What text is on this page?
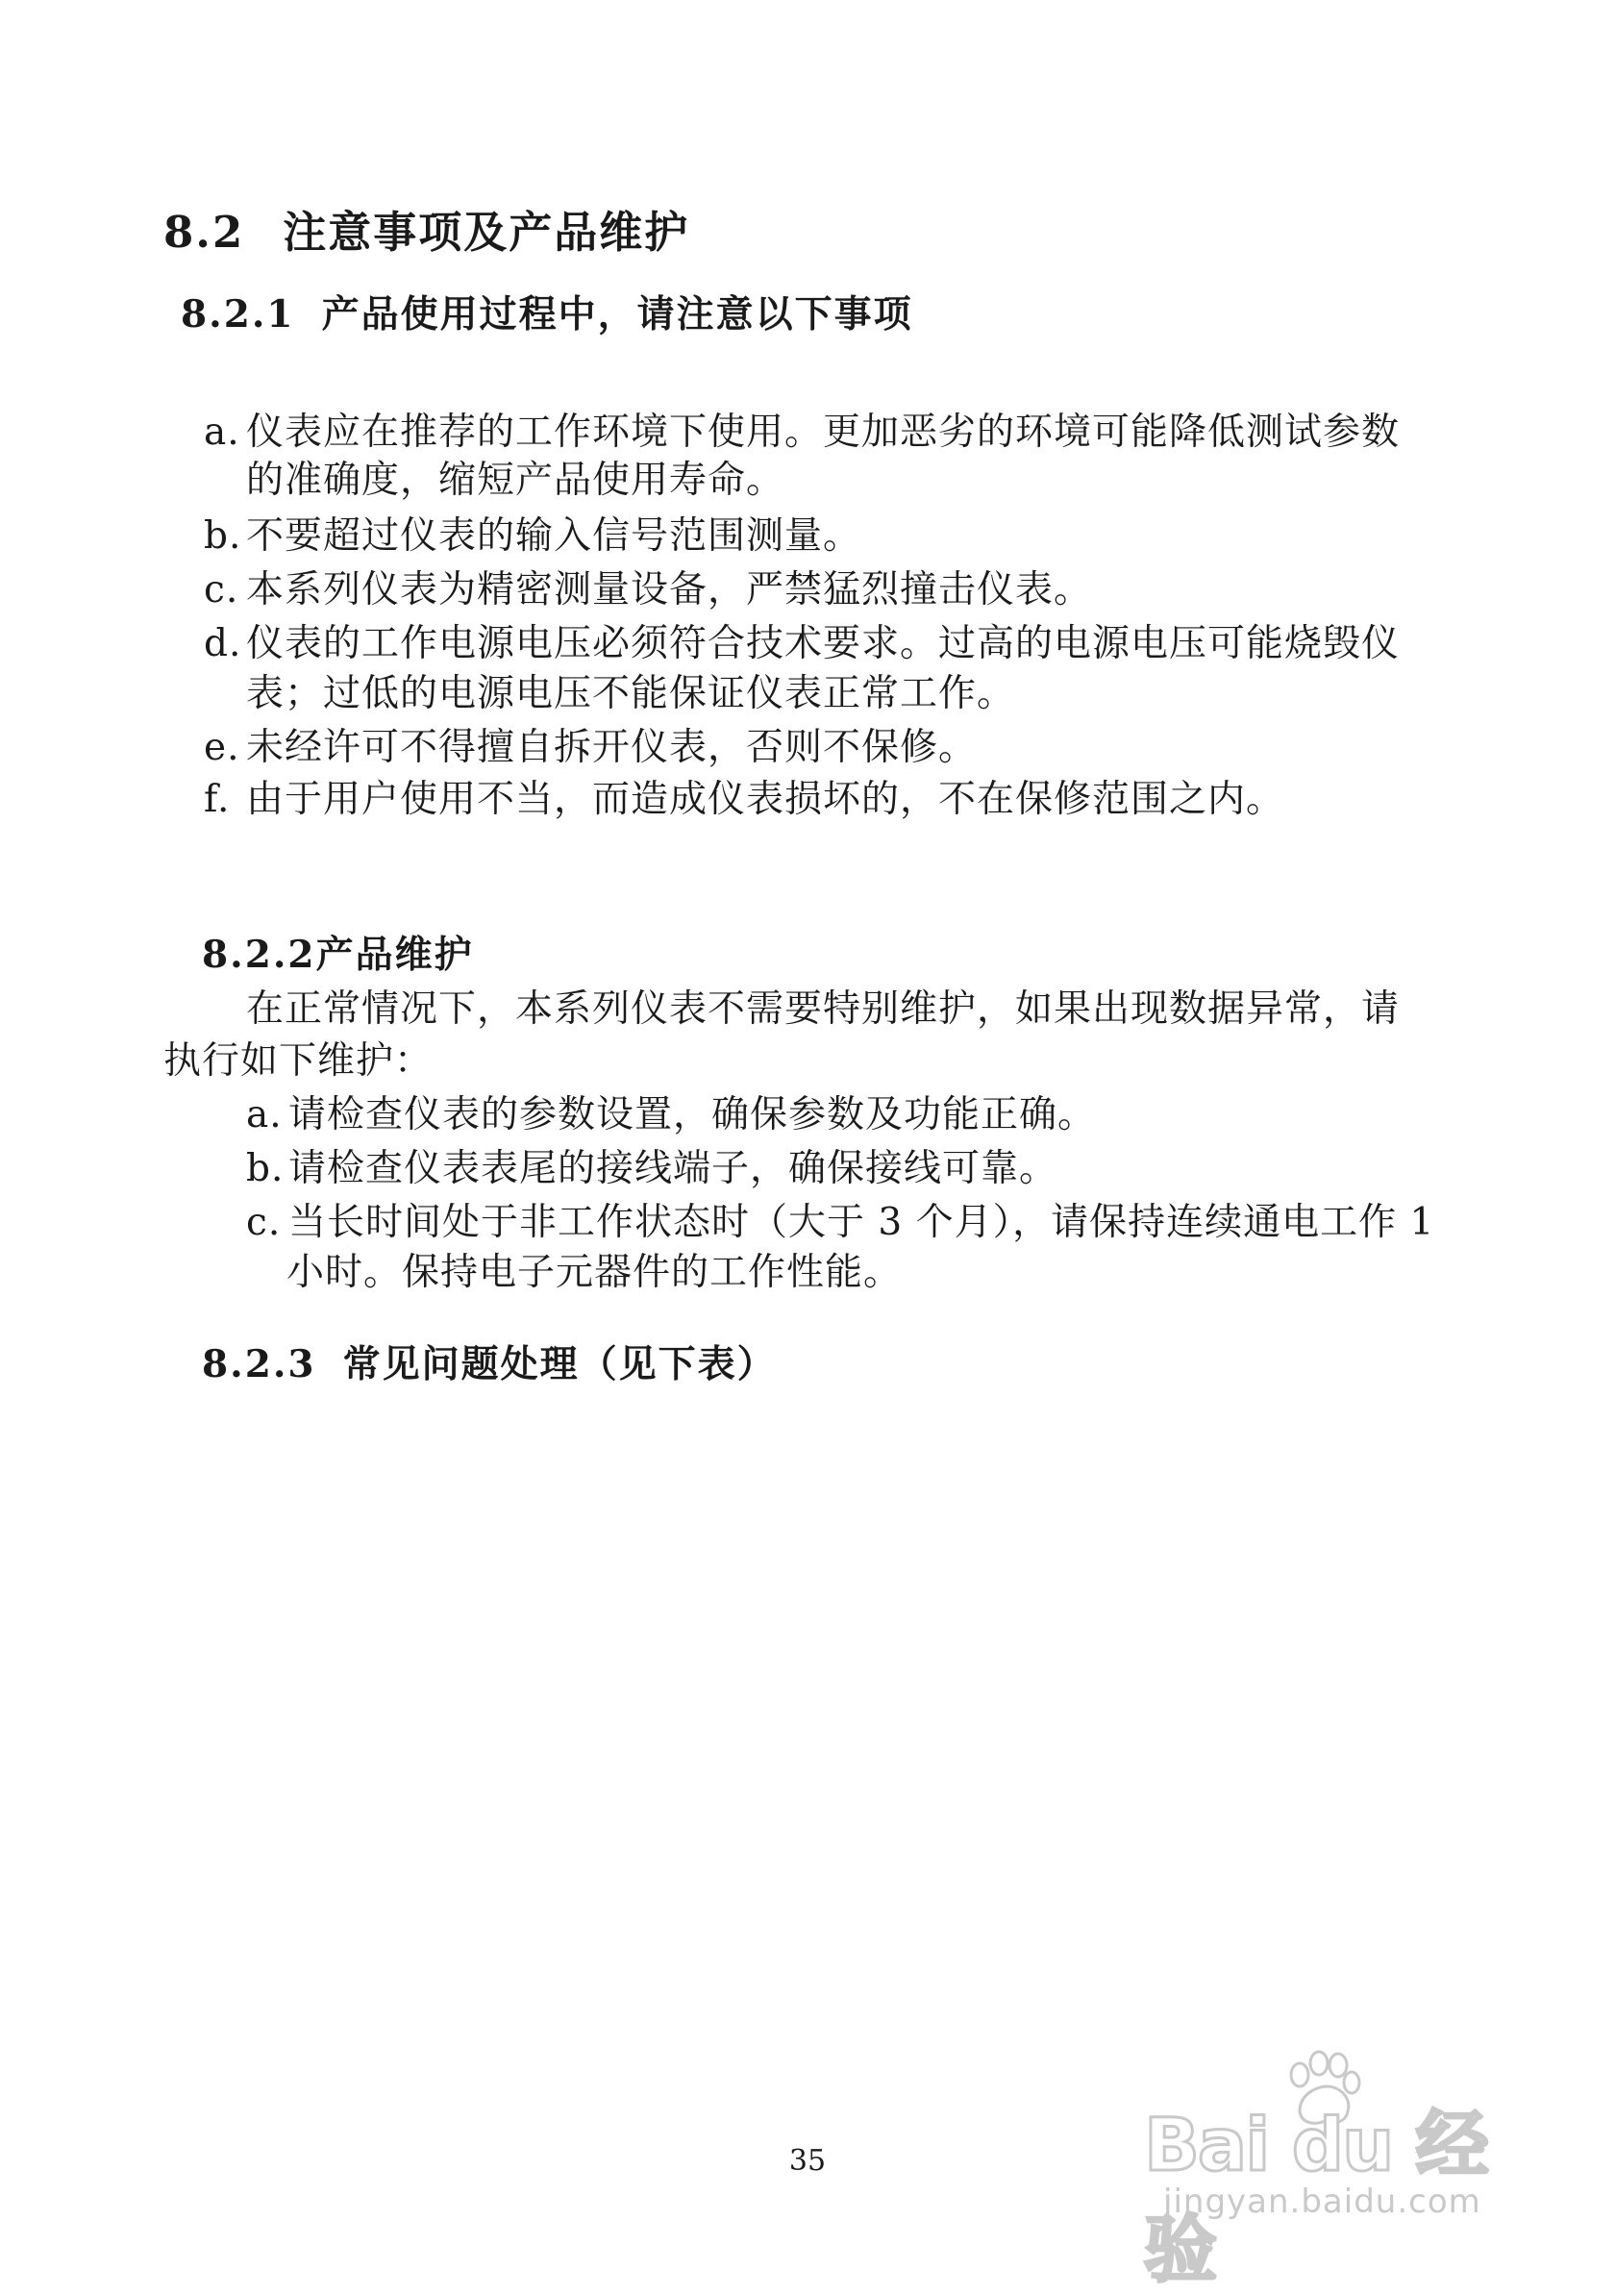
8.2 注意事项及产品维护
8.2.1 产品使用过程中，请注意以下事项
a. 仪表应在推荐的工作环境下使用。更加恶劣的环境可能降低测试参数
的准确度，缩短产品使用寿命。
b. 不要超过仪表的输入信号范围测量。
c. 本系列仪表为精密测量设备，严禁猛烈撞击仪表。
d. 仪表的工作电源电压必须符合技术要求。过高的电源电压可能烧毁仪
表；过低的电源电压不能保证仪表正常工作。
e. 未经许可不得擅自拆开仪表，否则不保修。
f. 由于用户使用不当，而造成仪表损坏的，不在保修范围之内。
8.2.2产品维护
在正常情况下，本系列仪表不需要特别维护，如果出现数据异常，请
执行如下维护：
a. 请检查仪表的参数设置，确保参数及功能正确。
b. 请检查仪表表尾的接线端子，确保接线可靠。
c. 当长时间处于非工作状态时（大于 3 个月），请保持连续通电工作 1
小时。保持电子元器件的工作性能。
8.2.3 常见问题处理（见下表）
35	Bai du 经验
jingyan.baidu.com
